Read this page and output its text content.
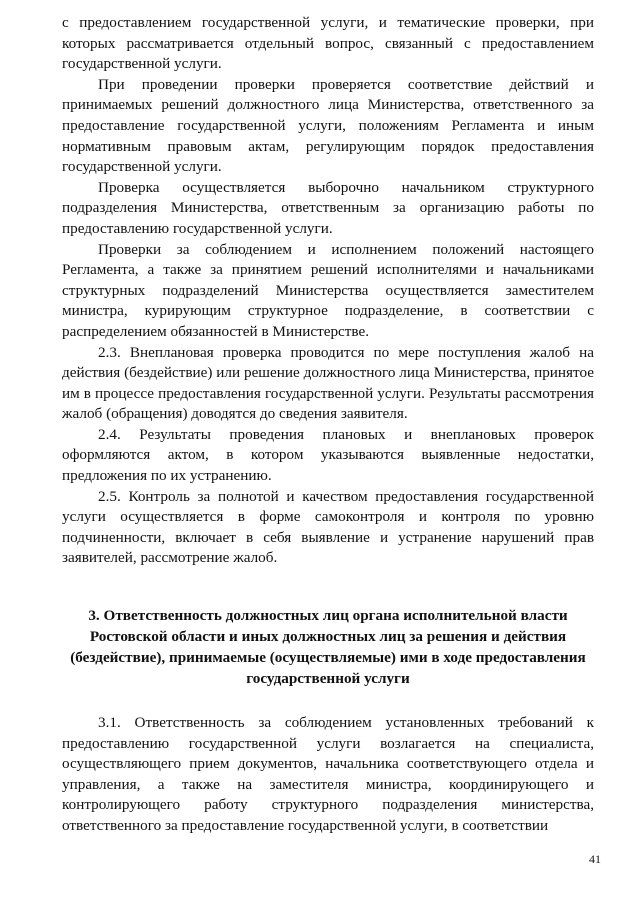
с предоставлением государственной услуги, и тематические проверки, при которых рассматривается отдельный вопрос, связанный с предоставлением государственной услуги.

При проведении проверки проверяется соответствие действий и принимаемых решений должностного лица Министерства, ответственного за предоставление государственной услуги, положениям Регламента и иным нормативным правовым актам, регулирующим порядок предоставления государственной услуги.

Проверка осуществляется выборочно начальником структурного подразделения Министерства, ответственным за организацию работы по предоставлению государственной услуги.

Проверки за соблюдением и исполнением положений настоящего Регламента, а также за принятием решений исполнителями и начальниками структурных подразделений Министерства осуществляется заместителем министра, курирующим структурное подразделение, в соответствии с распределением обязанностей в Министерстве.

2.3. Внеплановая проверка проводится по мере поступления жалоб на действия (бездействие) или решение должностного лица Министерства, принятое им в процессе предоставления государственной услуги. Результаты рассмотрения жалоб (обращения) доводятся до сведения заявителя.

2.4. Результаты проведения плановых и внеплановых проверок оформляются актом, в котором указываются выявленные недостатки, предложения по их устранению.

2.5. Контроль за полнотой и качеством предоставления государственной услуги осуществляется в форме самоконтроля и контроля по уровню подчиненности, включает в себя выявление и устранение нарушений прав заявителей, рассмотрение жалоб.

3. Ответственность должностных лиц органа исполнительной власти Ростовской области и иных должностных лиц за решения и действия (бездействие), принимаемые (осуществляемые) ими в ходе предоставления государственной услуги

3.1. Ответственность за соблюдением установленных требований к предоставлению государственной услуги возлагается на специалиста, осуществляющего прием документов, начальника соответствующего отдела и управления, а также на заместителя министра, координирующего и контролирующего работу структурного подразделения министерства, ответственного за предоставление государственной услуги, в соответствии

41
